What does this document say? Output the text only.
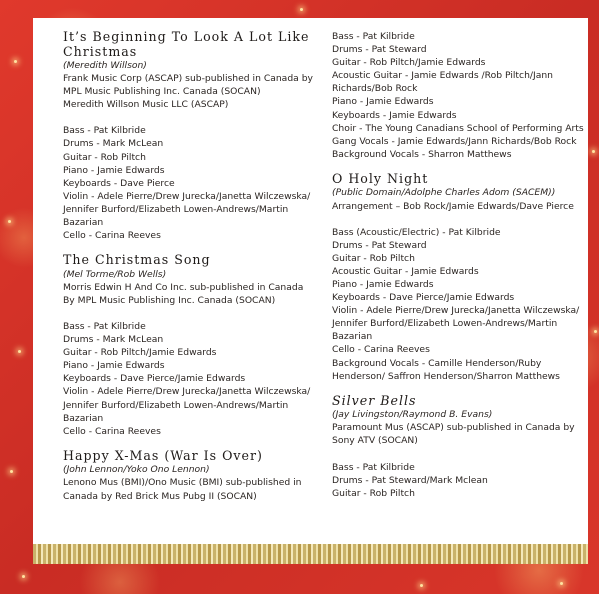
It’s Beginning To Look A Lot Like Christmas
(Meredith Willson)
Frank Music Corp (ASCAP) sub-published in Canada by MPL Music Publishing Inc. Canada (SOCAN)
Meredith Willson Music LLC (ASCAP)
Bass - Pat Kilbride
Drums - Mark McLean
Guitar - Rob Piltch
Piano - Jamie Edwards
Keyboards - Dave Pierce
Violin - Adele Pierre/Drew Jurecka/Janetta Wilczewska/ Jennifer Burford/Elizabeth Lowen-Andrews/Martin Bazarian
Cello - Carina Reeves
The Christmas Song
(Mel Torme/Rob Wells)
Morris Edwin H And Co Inc. sub-published in Canada By MPL Music Publishing Inc. Canada (SOCAN)
Bass - Pat Kilbride
Drums - Mark McLean
Guitar - Rob Piltch/Jamie Edwards
Piano - Jamie Edwards
Keyboards - Dave Pierce/Jamie Edwards
Violin - Adele Pierre/Drew Jurecka/Janetta Wilczewska/ Jennifer Burford/Elizabeth Lowen-Andrews/Martin Bazarian
Cello - Carina Reeves
Happy X-Mas (War Is Over)
(John Lennon/Yoko Ono Lennon)
Lenono Mus (BMI)/Ono Music (BMI) sub-published in Canada by Red Brick Mus Pubg II (SOCAN)
Bass - Pat Kilbride
Drums - Pat Steward
Guitar - Rob Piltch/Jamie Edwards
Acoustic Guitar - Jamie Edwards /Rob Piltch/Jann Richards/Bob Rock
Piano - Jamie Edwards
Keyboards - Jamie Edwards
Choir - The Young Canadians School of Performing Arts
Gang Vocals - Jamie Edwards/Jann Richards/Bob Rock
Background Vocals - Sharron Matthews
O Holy Night
(Public Domain/Adolphe Charles Adom (SACEM))
Arrangement – Bob Rock/Jamie Edwards/Dave Pierce
Bass (Acoustic/Electric) - Pat Kilbride
Drums - Pat Steward
Guitar - Rob Piltch
Acoustic Guitar - Jamie Edwards
Piano - Jamie Edwards
Keyboards - Dave Pierce/Jamie Edwards
Violin - Adele Pierre/Drew Jurecka/Janetta Wilczewska/ Jennifer Burford/Elizabeth Lowen-Andrews/Martin Bazarian
Cello - Carina Reeves
Background Vocals - Camille Henderson/Ruby Henderson/ Saffron Henderson/Sharron Matthews
Silver Bells
(Jay Livingston/Raymond B. Evans)
Paramount Mus (ASCAP) sub-published in Canada by Sony ATV (SOCAN)
Bass - Pat Kilbride
Drums - Pat Steward/Mark Mclean
Guitar - Rob Piltch
